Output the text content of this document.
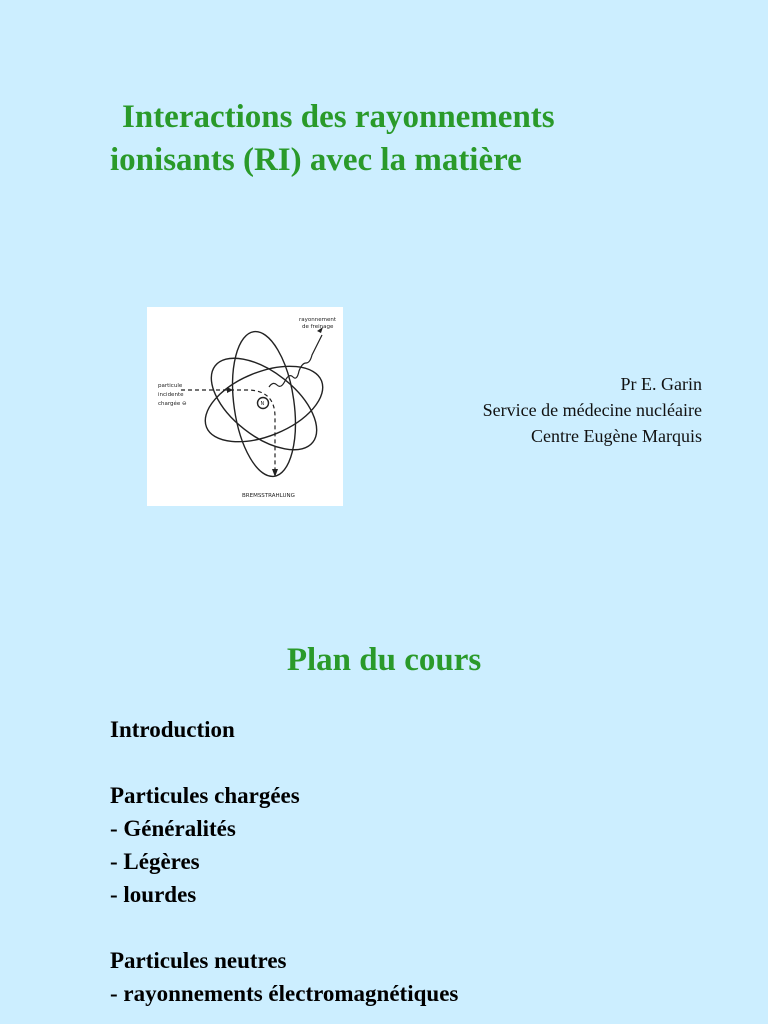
Interactions des rayonnements
ionisants (RI) avec la matière
rayonnement
de freinage
particule
incidente
chargée ⊖	N
BREMSSTRAHLUNG
Pr E. Garin
Service de médecine nucléaire
Centre Eugène Marquis
Plan du cours
Introduction
Particules chargées
- Généralités
- Légères
- lourdes
Particules neutres
- rayonnements électromagnétiques
